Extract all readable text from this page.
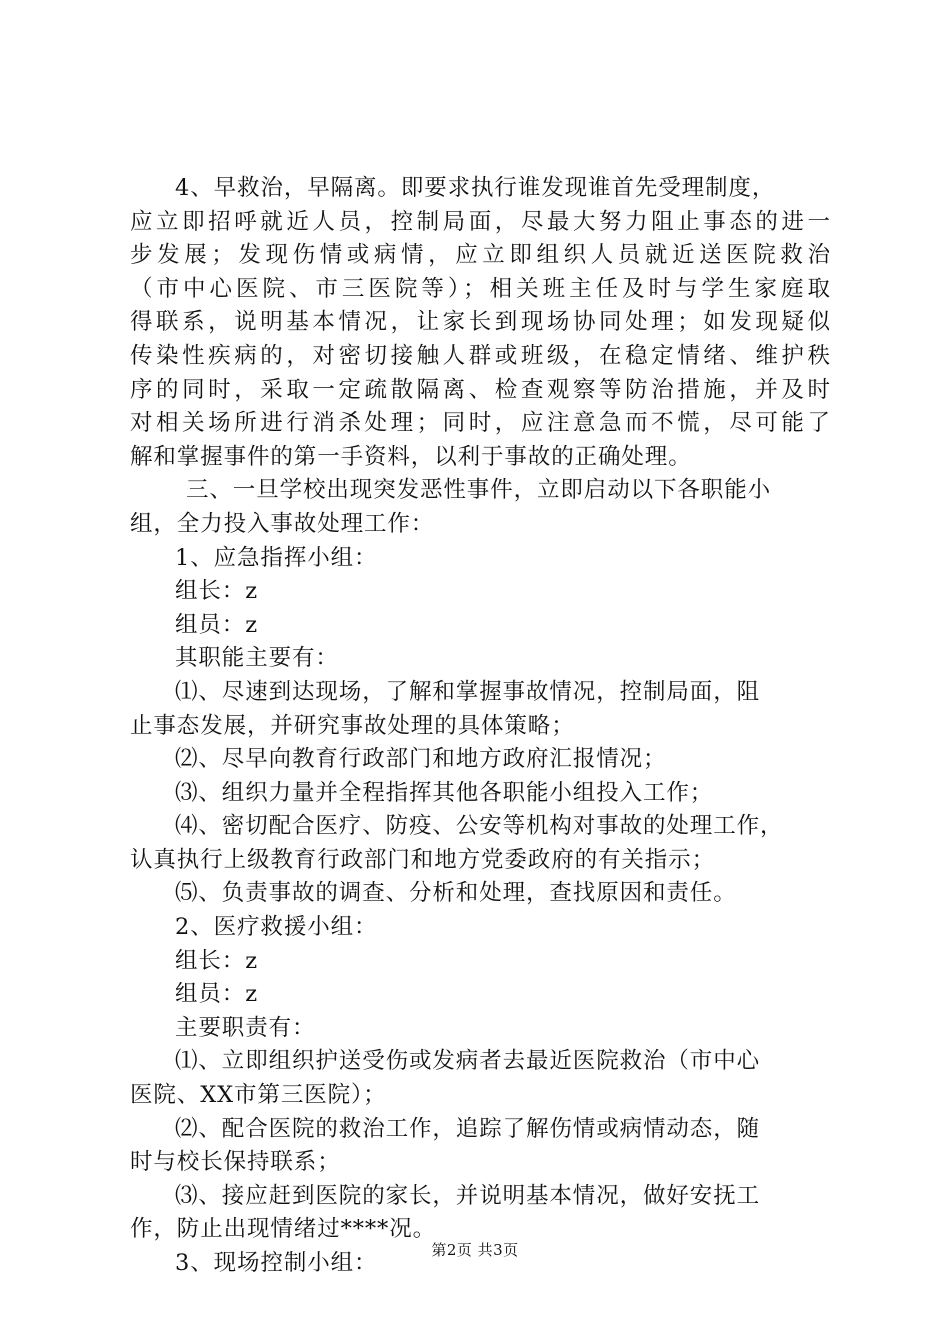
4、早救治，早隔离。即要求执行谁发现谁首先受理制度，
应立即招呼就近人员，控制局面，尽最大努力阻止事态的进一
步发展；发现伤情或病情，应立即组织人员就近送医院救治
（市中心医院、市三医院等）；相关班主任及时与学生家庭取
得联系，说明基本情况，让家长到现场协同处理；如发现疑似
传染性疾病的，对密切接触人群或班级，在稳定情绪、维护秩
序的同时，采取一定疏散隔离、检查观察等防治措施，并及时
对相关场所进行消杀处理；同时，应注意急而不慌，尽可能了
解和掌握事件的第一手资料，以利于事故的正确处理。
三、一旦学校出现突发恶性事件，立即启动以下各职能小
组，全力投入事故处理工作：
1、应急指挥小组：
组长：z
组员：z
其职能主要有：
⑴、尽速到达现场，了解和掌握事故情况，控制局面，阻
止事态发展，并研究事故处理的具体策略；
⑵、尽早向教育行政部门和地方政府汇报情况；
⑶、组织力量并全程指挥其他各职能小组投入工作；
⑷、密切配合医疗、防疫、公安等机构对事故的处理工作，
认真执行上级教育行政部门和地方党委政府的有关指示；
⑸、负责事故的调查、分析和处理，查找原因和责任。
2、医疗救援小组：
组长：z
组员：z
主要职责有：
⑴、立即组织护送受伤或发病者去最近医院救治（市中心
医院、XX市第三医院）；
⑵、配合医院的救治工作，追踪了解伤情或病情动态，随
时与校长保持联系；
⑶、接应赶到医院的家长，并说明基本情况，做好安抚工
作，防止出现情绪过****况。
3、现场控制小组：	第2页 共3页
